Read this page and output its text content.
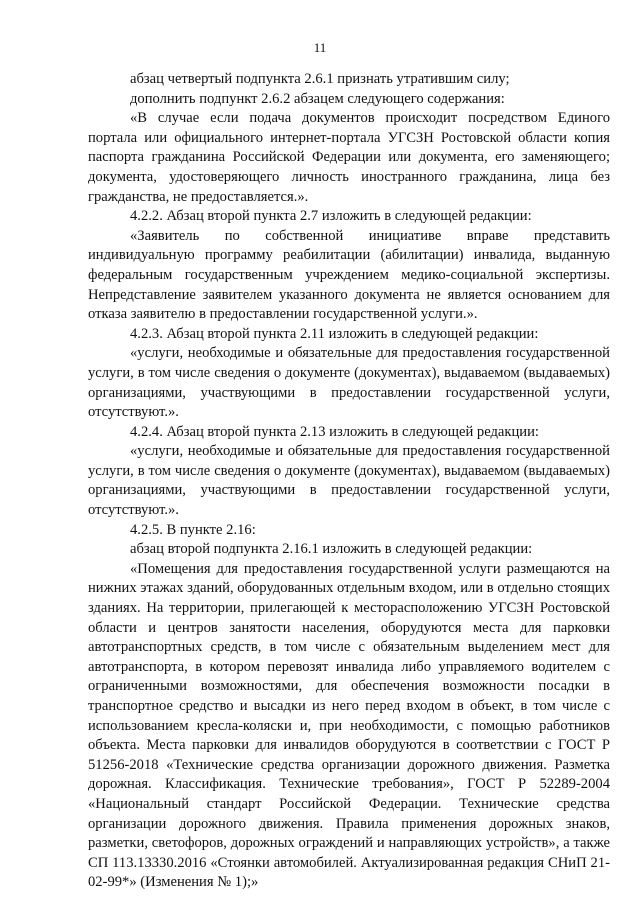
11

абзац четвертый подпункта 2.6.1 признать утратившим силу;

дополнить подпункт 2.6.2 абзацем следующего содержания:

«В случае если подача документов происходит посредством Единого портала или официального интернет-портала УГСЗН Ростовской области копия паспорта гражданина Российской Федерации или документа, его заменяющего; документа, удостоверяющего личность иностранного гражданина, лица без гражданства, не предоставляется.».

4.2.2. Абзац второй пункта 2.7 изложить в следующей редакции:

«Заявитель по собственной инициативе вправе представить индивидуальную программу реабилитации (абилитации) инвалида, выданную федеральным государственным учреждением медико-социальной экспертизы. Непредставление заявителем указанного документа не является основанием для отказа заявителю в предоставлении государственной услуги.».

4.2.3. Абзац второй пункта 2.11 изложить в следующей редакции:

«услуги, необходимые и обязательные для предоставления государственной услуги, в том числе сведения о документе (документах), выдаваемом (выдаваемых) организациями, участвующими в предоставлении государственной услуги, отсутствуют.».

4.2.4. Абзац второй пункта 2.13 изложить в следующей редакции:

«услуги, необходимые и обязательные для предоставления государственной услуги, в том числе сведения о документе (документах), выдаваемом (выдаваемых) организациями, участвующими в предоставлении государственной услуги, отсутствуют.».

4.2.5. В пункте 2.16:

абзац второй подпункта 2.16.1 изложить в следующей редакции:

«Помещения для предоставления государственной услуги размещаются на нижних этажах зданий, оборудованных отдельным входом, или в отдельно стоящих зданиях. На территории, прилегающей к месторасположению УГСЗН Ростовской области и центров занятости населения, оборудуются места для парковки автотранспортных средств, в том числе с обязательным выделением мест для автотранспорта, в котором перевозят инвалида либо управляемого водителем с ограниченными возможностями, для обеспечения возможности посадки в транспортное средство и высадки из него перед входом в объект, в том числе с использованием кресла-коляски и, при необходимости, с помощью работников объекта. Места парковки для инвалидов оборудуются в соответствии с ГОСТ Р 51256-2018 «Технические средства организации дорожного движения. Разметка дорожная. Классификация. Технические требования», ГОСТ Р 52289-2004 «Национальный стандарт Российской Федерации. Технические средства организации дорожного движения. Правила применения дорожных знаков, разметки, светофоров, дорожных ограждений и направляющих устройств», а также СП 113.13330.2016 «Стоянки автомобилей. Актуализированная редакция СНиП 21-02-99*» (Изменения № 1);»
